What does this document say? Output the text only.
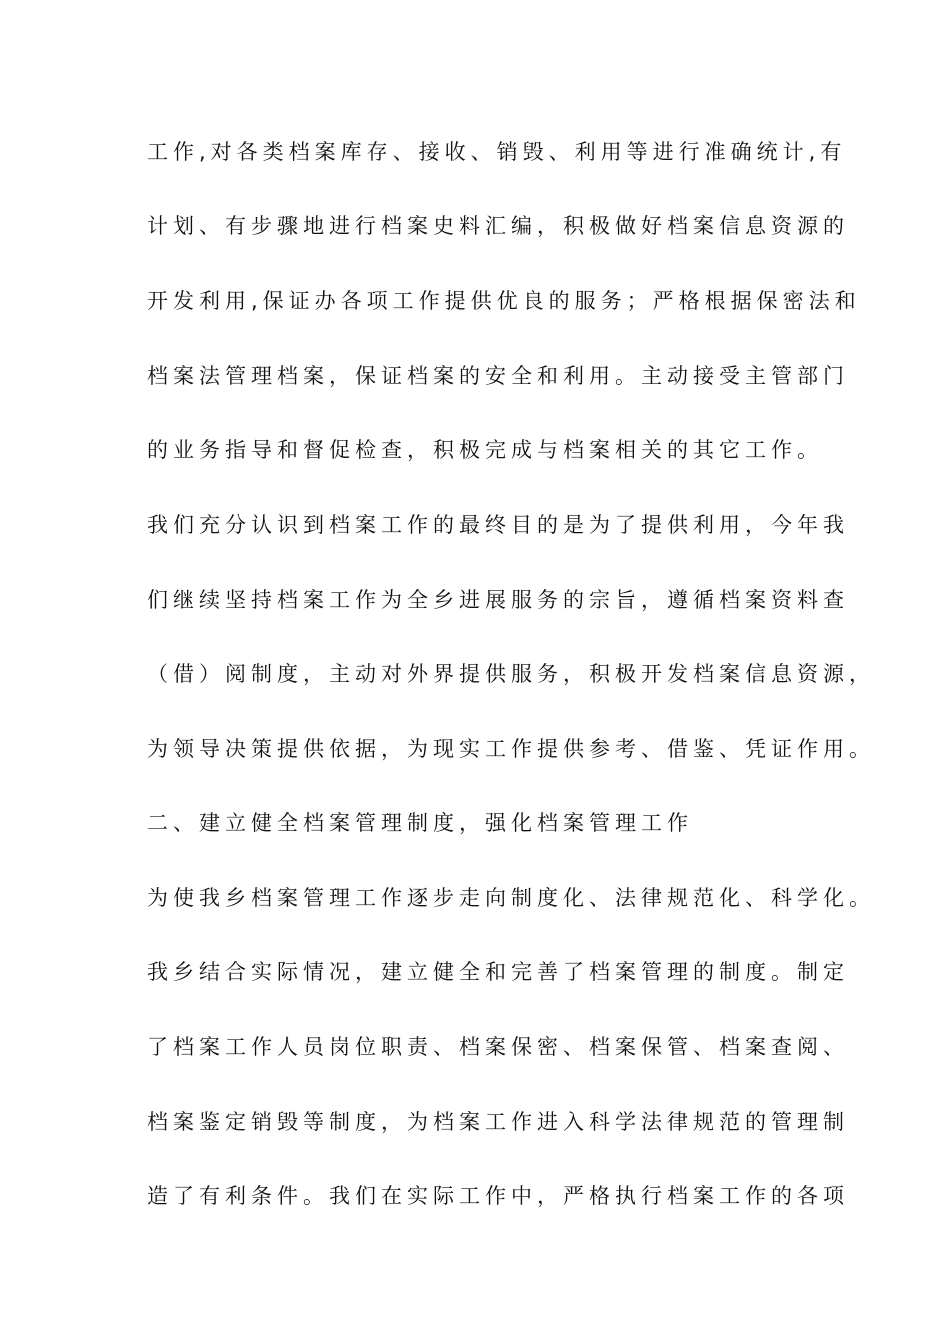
工作,对各类档案库存、接收、销毁、利用等进行准确统计,有
计划、有步骤地进行档案史料汇编，积极做好档案信息资源的
开发利用,保证办各项工作提供优良的服务；严格根据保密法和
档案法管理档案，保证档案的安全和利用。主动接受主管部门
的业务指导和督促检查，积极完成与档案相关的其它工作。
我们充分认识到档案工作的最终目的是为了提供利用，今年我
们继续坚持档案工作为全乡进展服务的宗旨，遵循档案资料查
（借）阅制度，主动对外界提供服务，积极开发档案信息资源，
为领导决策提供依据，为现实工作提供参考、借鉴、凭证作用。
二、建立健全档案管理制度，强化档案管理工作
为使我乡档案管理工作逐步走向制度化、法律规范化、科学化。
我乡结合实际情况，建立健全和完善了档案管理的制度。制定
了档案工作人员岗位职责、档案保密、档案保管、档案查阅、
档案鉴定销毁等制度，为档案工作进入科学法律规范的管理制
造了有利条件。我们在实际工作中，严格执行档案工作的各项
